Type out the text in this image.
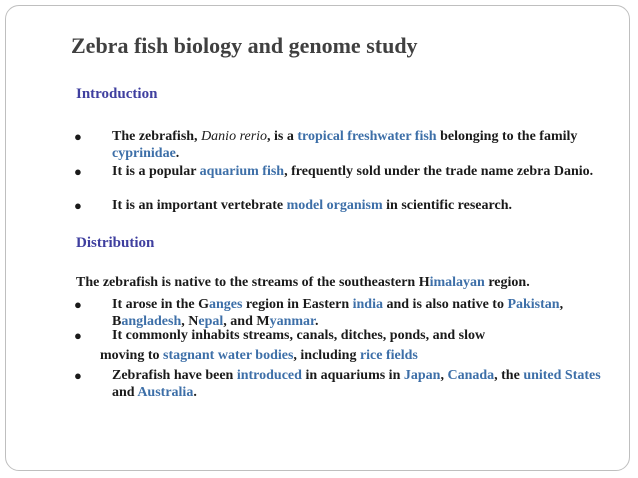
Zebra fish biology and genome study
Introduction
● The zebrafish, Danio rerio, is a tropical freshwater fish belonging to the family cyprinidae.
● It is a popular aquarium fish, frequently sold under the trade name zebra Danio.
● It is an important vertebrate model organism in scientific research.
Distribution
The zebrafish is native to the streams of the southeastern Himalayan region.
● It arose in the Ganges region in Eastern india and is also native to Pakistan, Bangladesh, Nepal, and Myanmar.
● It commonly inhabits streams, canals, ditches, ponds, and slow
moving to stagnant water bodies, including rice fields
● Zebrafish have been introduced in aquariums in Japan, Canada, the united States and Australia.
